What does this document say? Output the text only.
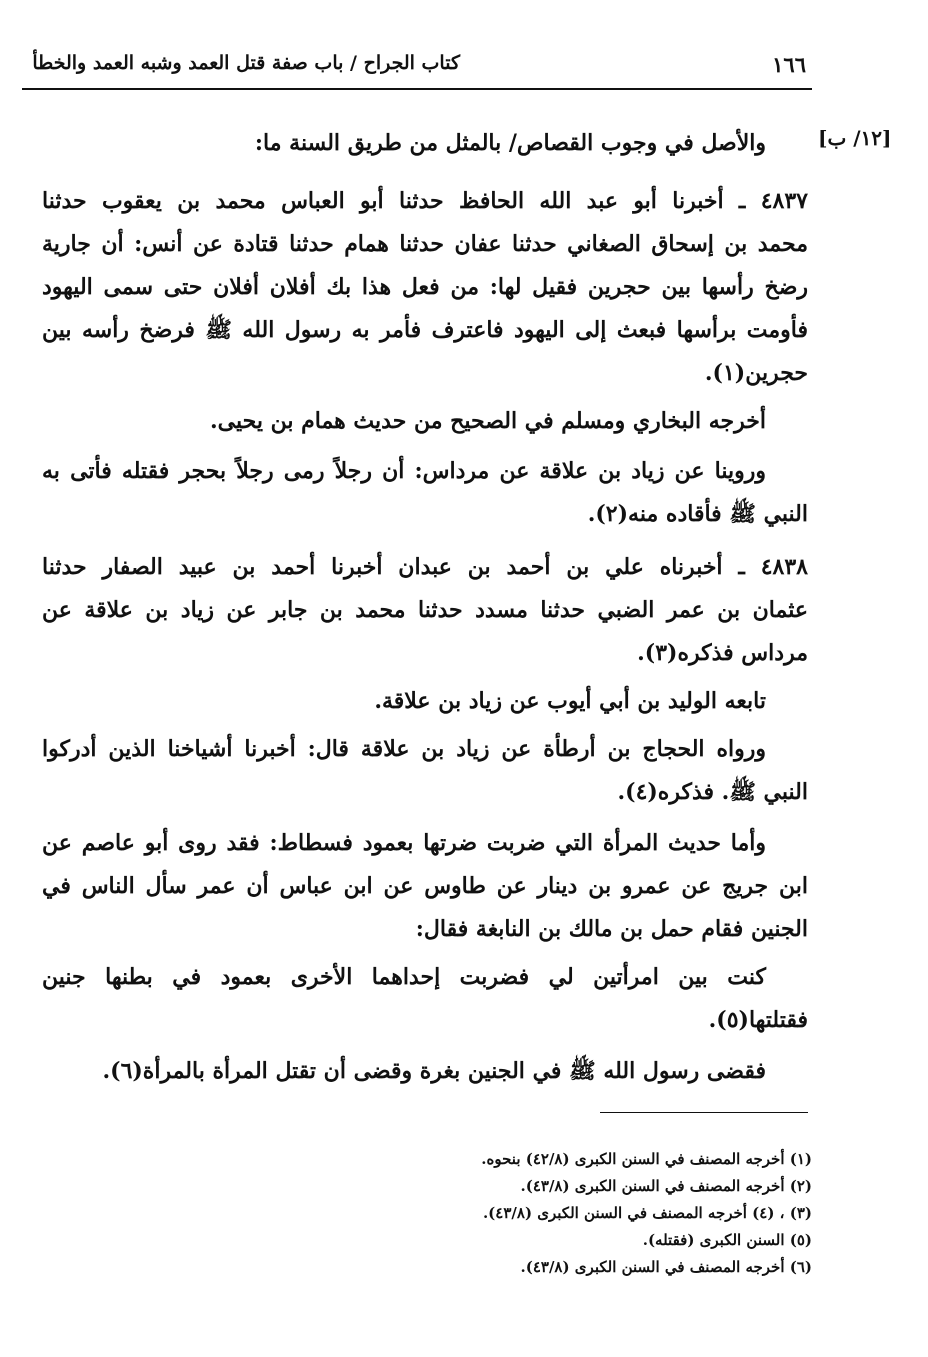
١٦٦
كتاب الجراح / باب صفة قتل العمد وشبه العمد والخطأ
[١٢/ ب]
والأصل في وجوب القصاص/ بالمثل من طريق السنة ما:
٤٨٣٧ ـ أخبرنا أبو عبد الله الحافظ حدثنا أبو العباس محمد بن يعقوب حدثنا
محمد بن إسحاق الصغاني حدثنا عفان حدثنا همام حدثنا قتادة عن أنس: أن جارية
رضخ رأسها بين حجرين فقيل لها: من فعل هذا بك أفلان أفلان حتى سمى اليهود
فأومت برأسها فبعث إلى اليهود فاعترف فأمر به رسول الله ﷺ فرضخ رأسه بين
حجرين(١).
أخرجه البخاري ومسلم في الصحيح من حديث همام بن يحيى.
وروينا عن زياد بن علاقة عن مرداس: أن رجلاً رمى رجلاً بحجر فقتله فأتى به
النبي ﷺ فأقاده منه(٢).
٤٨٣٨ ـ أخبرناه علي بن أحمد بن عبدان أخبرنا أحمد بن عبيد الصفار حدثنا
عثمان بن عمر الضبي حدثنا مسدد حدثنا محمد بن جابر عن زياد بن علاقة عن
مرداس فذكره(٣).
تابعه الوليد بن أبي أيوب عن زياد بن علاقة.
ورواه الحجاج بن أرطأة عن زياد بن علاقة قال: أخبرنا أشياخنا الذين أدركوا
النبي ﷺ. فذكره(٤).
وأما حديث المرأة التي ضربت ضرتها بعمود فسطاط: فقد روى أبو عاصم عن
ابن جريج عن عمرو بن دينار عن طاوس عن ابن عباس أن عمر سأل الناس في
الجنين فقام حمل بن مالك بن النابغة فقال:
كنت بين امرأتين لي فضربت إحداهما الأخرى بعمود في بطنها جنين
فقتلتها(٥).
فقضى رسول الله ﷺ في الجنين بغرة وقضى أن تقتل المرأة بالمرأة(٦).
(١) أخرجه المصنف في السنن الكبرى (٤٢/٨) بنحوه.
(٢) أخرجه المصنف في السنن الكبرى (٤٣/٨).
(٣) ، (٤) أخرجه المصنف في السنن الكبرى (٤٣/٨).
(٥) السنن الكبرى (فقتله).
(٦) أخرجه المصنف في السنن الكبرى (٤٣/٨).
